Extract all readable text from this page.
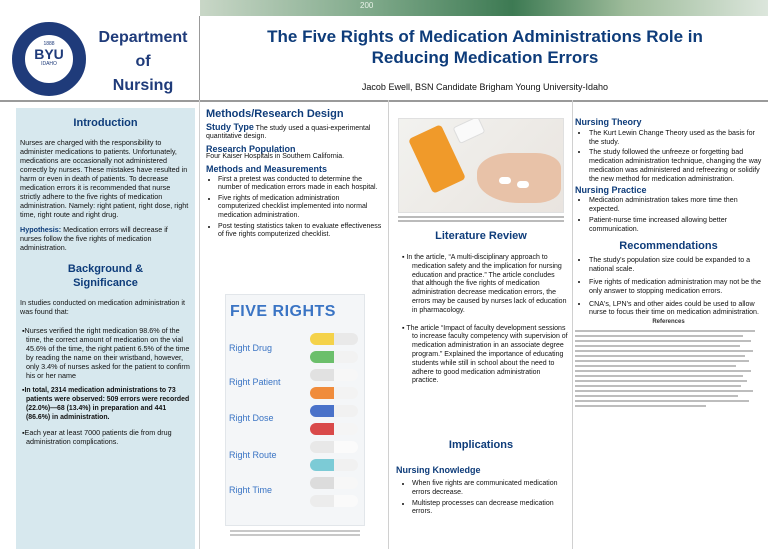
200
1888
BYU
IDAHO
Department
of
Nursing
The Five Rights of Medication Administrations Role in
Reducing Medication Errors
Jacob Ewell, BSN Candidate Brigham Young University-Idaho
Introduction

Nurses are charged with the responsibility to administer medications to patients. Unfortunately, medications are occasionally not administered correctly by nurses. These mistakes have resulted in harm or even in death of patients. To decrease medication errors it is recommended that nurse strictly adhere to the five rights of medication administration. Namely: right patient, right dose, right time, right route and right drug.

Hypothesis: Medication errors will decrease if nurses follow the five rights of medication administration.

Background &
Significance

In studies conducted on medication administration it was found that:

▪Nurses verified the right medication 98.6% of the time, the correct amount of medication on the vial 45.6% of the time, the right patient 6.5% of the time by reading the name on their wristband, however, only 3.4% of nurses asked for the patient to confirm his or her name
▪In total, 2314 medication administrations to 73 patients were observed: 509 errors were recorded (22.0%)—68 (13.4%) in preparation and 441 (86.6%) in administration.
▪Each year at least 7000 patients die from drug administration complications.
Methods/Research Design
Study Type The study used a quasi-experimental quantitative design.
Research Population
Four Kaiser Hospitals in Southern California.
Methods and Measurements
• First a pretest was conducted to determine the number of medication errors made in each hospital.
• Five rights of medication administration computerized checklist implemented into normal medication administration.
• Post testing statistics taken to evaluate effectiveness of five rights computerized checklist.
FIVE RIGHTS
Right Drug
Right Patient
Right Dose
Right Route
Right Time
Literature Review
▪ In the article, “A multi-disciplinary approach to medication safety and the implication for nursing education and practice.” The article concludes that although the five rights of medication administration decrease medication errors, the errors may be caused by nurses lack of education in pharmacology.
▪ The article “Impact of faculty development sessions to increase faculty competency with supervision of medication administration in an associate degree program.” Explained the importance of educating students while still in school about the need to adhere to good medication administration practice.
Implications
Nursing Knowledge
• When five rights are communicated medication errors decrease.
• Multistep processes can decrease medication errors.
Nursing Theory
• The Kurt Lewin Change Theory used as the basis for the study.
• The study followed the unfreeze or forgetting bad medication administration technique, changing the way medication was administered and refreezing or solidify the new method for medication administration.
Nursing Practice
• Medication administration takes more time then expected.
• Patient-nurse time increased allowing better communication.
Recommendations
• The study's population size could be expanded to a national scale.
• Five rights of medication administration may not be the only answer to stopping medication errors.
• CNA's, LPN's and other aides could be used to allow nurse to focus their time on medication administration.
References
